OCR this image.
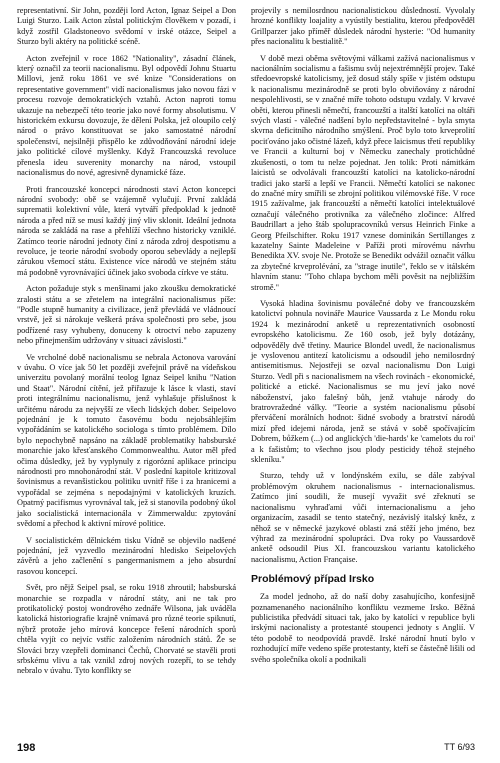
representativní. Sir John, později lord Acton, Ignaz Seipel a Don Luigi Sturzo. Laik Acton zůstal politickým člověkem v pozadí, i když zostřil Gladstoneovo svědomí v irské otázce, Seipel a Sturzo byli aktéry na politické scéně.

Acton zveřejnil v roce 1862 "Nationality", zásadní článek, který označil za teorii nacionalismu. Byl odpovědí Johnu Stuartu Millovi, jenž roku 1861 ve své knize "Considerations on representative government" vidí nacionalismus jako novou fázi v procesu rozvoje demokratických vztahů. Acton naproti tomu ukazuje na nebezpečí této teorie jako nové formy absolutismu. V historickém exkursu dovozuje, že dělení Polska, jež oloupilo celý národ o právo konstituovat se jako samostatné národní společenství, nejsilněji přispělo ke zdůvodňování národní ideje jako politické cílové myšlenky. Když Francouzská revoluce přenesla ideu suverenity monarchy na národ, vstoupil nacionalismus do nové, agresivně dynamické fáze.

Proti francouzské koncepci národnosti staví Acton koncepci národní svobody: obě se vzájemně vylučují. První zakládá suprematii kolektivní vůle, která vytváří předpoklad k jednotě národa a před níž se musí každý jiný vliv sklonit. Ideální jednota národa se zakládá na rase a přehlíží všechno historicky vzniklé. Zatímco teorie národní jednoty činí z národa zdroj despotismu a revoluce, je teorie národní svobody oporou sebevlády a nejlepší zárukou všemocí státu. Existence více národů ve stejném státu má podobně vyrovnávající účinek jako svoboda církve ve státu.

Acton požaduje styk s menšinami jako zkoušku demokratické zralosti státu a se zřetelem na integrální nacionalismus píše: "Podle stupně humanity a civilizace, jenž převládá ve vládnoucí vrstvě, jež si nárokuje veškerá práva společnosti pro sebe, jsou podřízené rasy vyhubeny, donuceny k otroctví nebo zapuzeny nebo přinejmenším udržovány v situaci závislosti."

Ve vrcholné době nacionalismu se nebrala Actonova varování v úvahu. O více jak 50 let později zveřejnil právě na vídeňskou univerzitu povolaný morální teolog Ignaz Seipel knihu "Nation und Staat". Národní cítění, jež přiřazuje k lásce k vlasti, staví proti integrálnímu nacionalismu, jenž vyhlašuje příslušnost k určitému národu za nejvyšší ze všech lidských dober. Seipelovo pojednání je k tomuto časovému bodu nejobsáhlejším vypořádáním se katolického sociologa s tímto problémem. Dílo bylo nepochybně napsáno na základě problematiky habsburské monarchie jako křesťanského Commonwealthu. Autor měl před očima důsledky, jež by vyplynuly z rigorózní aplikace principu národnosti pro mnohonárodní stát. V poslední kapitole kritizoval šovinismus a revanšistickou politiku uvnitř říše i za hranicemi a vypořádal se zejména s nepodajnými v katolických kruzích. Opatrný pacifismus vyrovnával tak, jež si stanovila podobný úkol jako socialistická internacionála v Zimmerwaldu: zpytování svědomí a přechod k aktivní mírové politice.

V socialistickém dělnickém tisku Vídně se objevilo nadšené pojednání, jež vyzvedlo mezinárodní hledisko Seipelových závěrů a jeho začlenění s pangermanismem a jeho absurdní rasovou koncepcí.

Svět, pro nějž Seipel psal, se roku 1918 zhroutil; habsburská monarchie se rozpadla v národní státy, ani ne tak pro protikatolický postoj wondrového zednáře Wilsona, jak uváděla katolická historiografie krajně vnímavá pro různé teorie spiknutí, nýbrž protože jeho mírová koncepce řešení národních sporů chtěla vyjít co nejvíc vstříc založením národních států. Že se Slováci brzy vzepřeli dominanci Čechů, Chorvaté se stavěli proti srbskému vlivu a tak vznikl zdroj nových rozepří, to se tehdy nebralo v úvahu. Tyto konflikty se

projevily s nemilosrdnou nacionalistickou důsledností. Vyvolaly hrozné konflikty loajality a vyústily bestialitu, kterou předpověděl Grillparzer jako příměř důsledek národní hysterie: "Od humanity přes nacionalitu k bestialitě."

V době mezi oběma světovými válkami zažívá nacionalismus v nacionálním socialismu a fašismu svůj nejextrémnější projev. Také středoevropské katolicismy, jež dosud stály spíše v jistém odstupu k nacionalismu mezinárodně se proti bylo obviňovány z národní nespolehlivosti, se v značné míře tohoto odstupu vzdaly. V krvavé oběti, kterou přinesli němečtí, francouzští a italští katolíci na oltáři svých vlastí - válečné nadšení bylo nepředstavitelné - byla smyta skvrna deficitního národního smýšlení. Proč bylo toto krveprolití pociťováno jako očistné lázeň, když přece laicismus třetí republiky ve Francii a kulturní boj v Německu zanechaly protichůdné zkušenosti, o tom tu nelze pojednat. Jen tolik: Proti námitkám laicistů se odvolávali francouzští katolíci na katolicko-národní tradici jako starší a lepší ve Francii. Němečtí katolíci se nakonec do značné míry smířili se zbrojní politikou vilémovské říše. V roce 1915 zažívalme, jak francouzští a němečtí katolíci intelektuálové označují válečného protivníka za válečného zločince: Alfred Baudrillart a jeho štáb spolupracovníků versus Heinrich Finke a Georg Pfeilschifter. Roku 1917 vznese dominikán Sertillanges z kazatelny Sainte Madeleine v Paříži proti mírovému návrhu Benedikta XV. svoje Ne. Protože se Benedikt odvážil označit válku za zbytečné krveprolévání, za "strage inutile", řeklo se v itálském hlavním stanu: "Toho chlapa bychom měli pověsit na nejbližším stromě."

Vysoká hladina šovinismu poválečné doby ve francouzském katolictví pohnula novináře Maurice Vaussarda z Le Mondu roku 1924 k mezinárodní anketě u reprezentativních osobností evropského katolicismu. Ze 160 osob, jež byly dotázány, odpověděly dvě třetiny. Maurice Blondel uvedl, že nacionalismus je vyslovenou antitezí katolicismu a odsoudil jeho nemilosrdný antisemitismus. Nejostřeji se ozval nacionalismu Don Luigi Sturzo. Vedl při s nacionalismem na všech rovinách - ekonomické, politické a etické. Nacionalismus se mu jeví jako nové náboženství, jako falešný bůh, jenž vtahuje národy do bratrovražedné války. "Teorie a systém nacionalismu působí přerváčení morálních hodnot: šidné svobody a bratrství národů mizí před idejemi národa, jenž se stává v sobě spočívajícím Dobrem, bůžkem (...) od anglických 'die-hards' ke 'camelots du roi' a k fašistům; to všechno jsou plody pesticidy téhož stejného skleníku."

Sturzo, tehdy už v londýnském exilu, se dále zabýval problémovým okruhem nacionalismus - internacionalismus. Zatímco jiní soudili, že musejí vyvažit své zřeknutí se nacionalismu vyhraďami vůči internacionalismu a jeho organizacím, zasadil se tento statečný, nezávislý italský kněz, z něhož se v německé jazykové oblasti zná stěží jeho jméno, bez výhrad za mezinárodní spolupráci. Dva roky po Vaussardově anketě odsoudil Pius XI. francouzskou variantu katolického nacionalismu, Action Française.

Problémový případ Irsko

Za model jednoho, až do naší doby zasahujícího, konfesijně poznamenaného nacionálního konfliktu vezmeme Irsko. Běžná publicistika předvádí situaci tak, jako by katolíci v republice byli irskými nacionalisty a protestanté stoupenci jednoty s Anglií. V této podobě to neodpovídá pravdě. Irské národní hnutí bylo v rozhodující míře vedeno spíše protestanty, kteří se částečně lišili od svého společníka okolí a podnikali

198	TT 6/93
